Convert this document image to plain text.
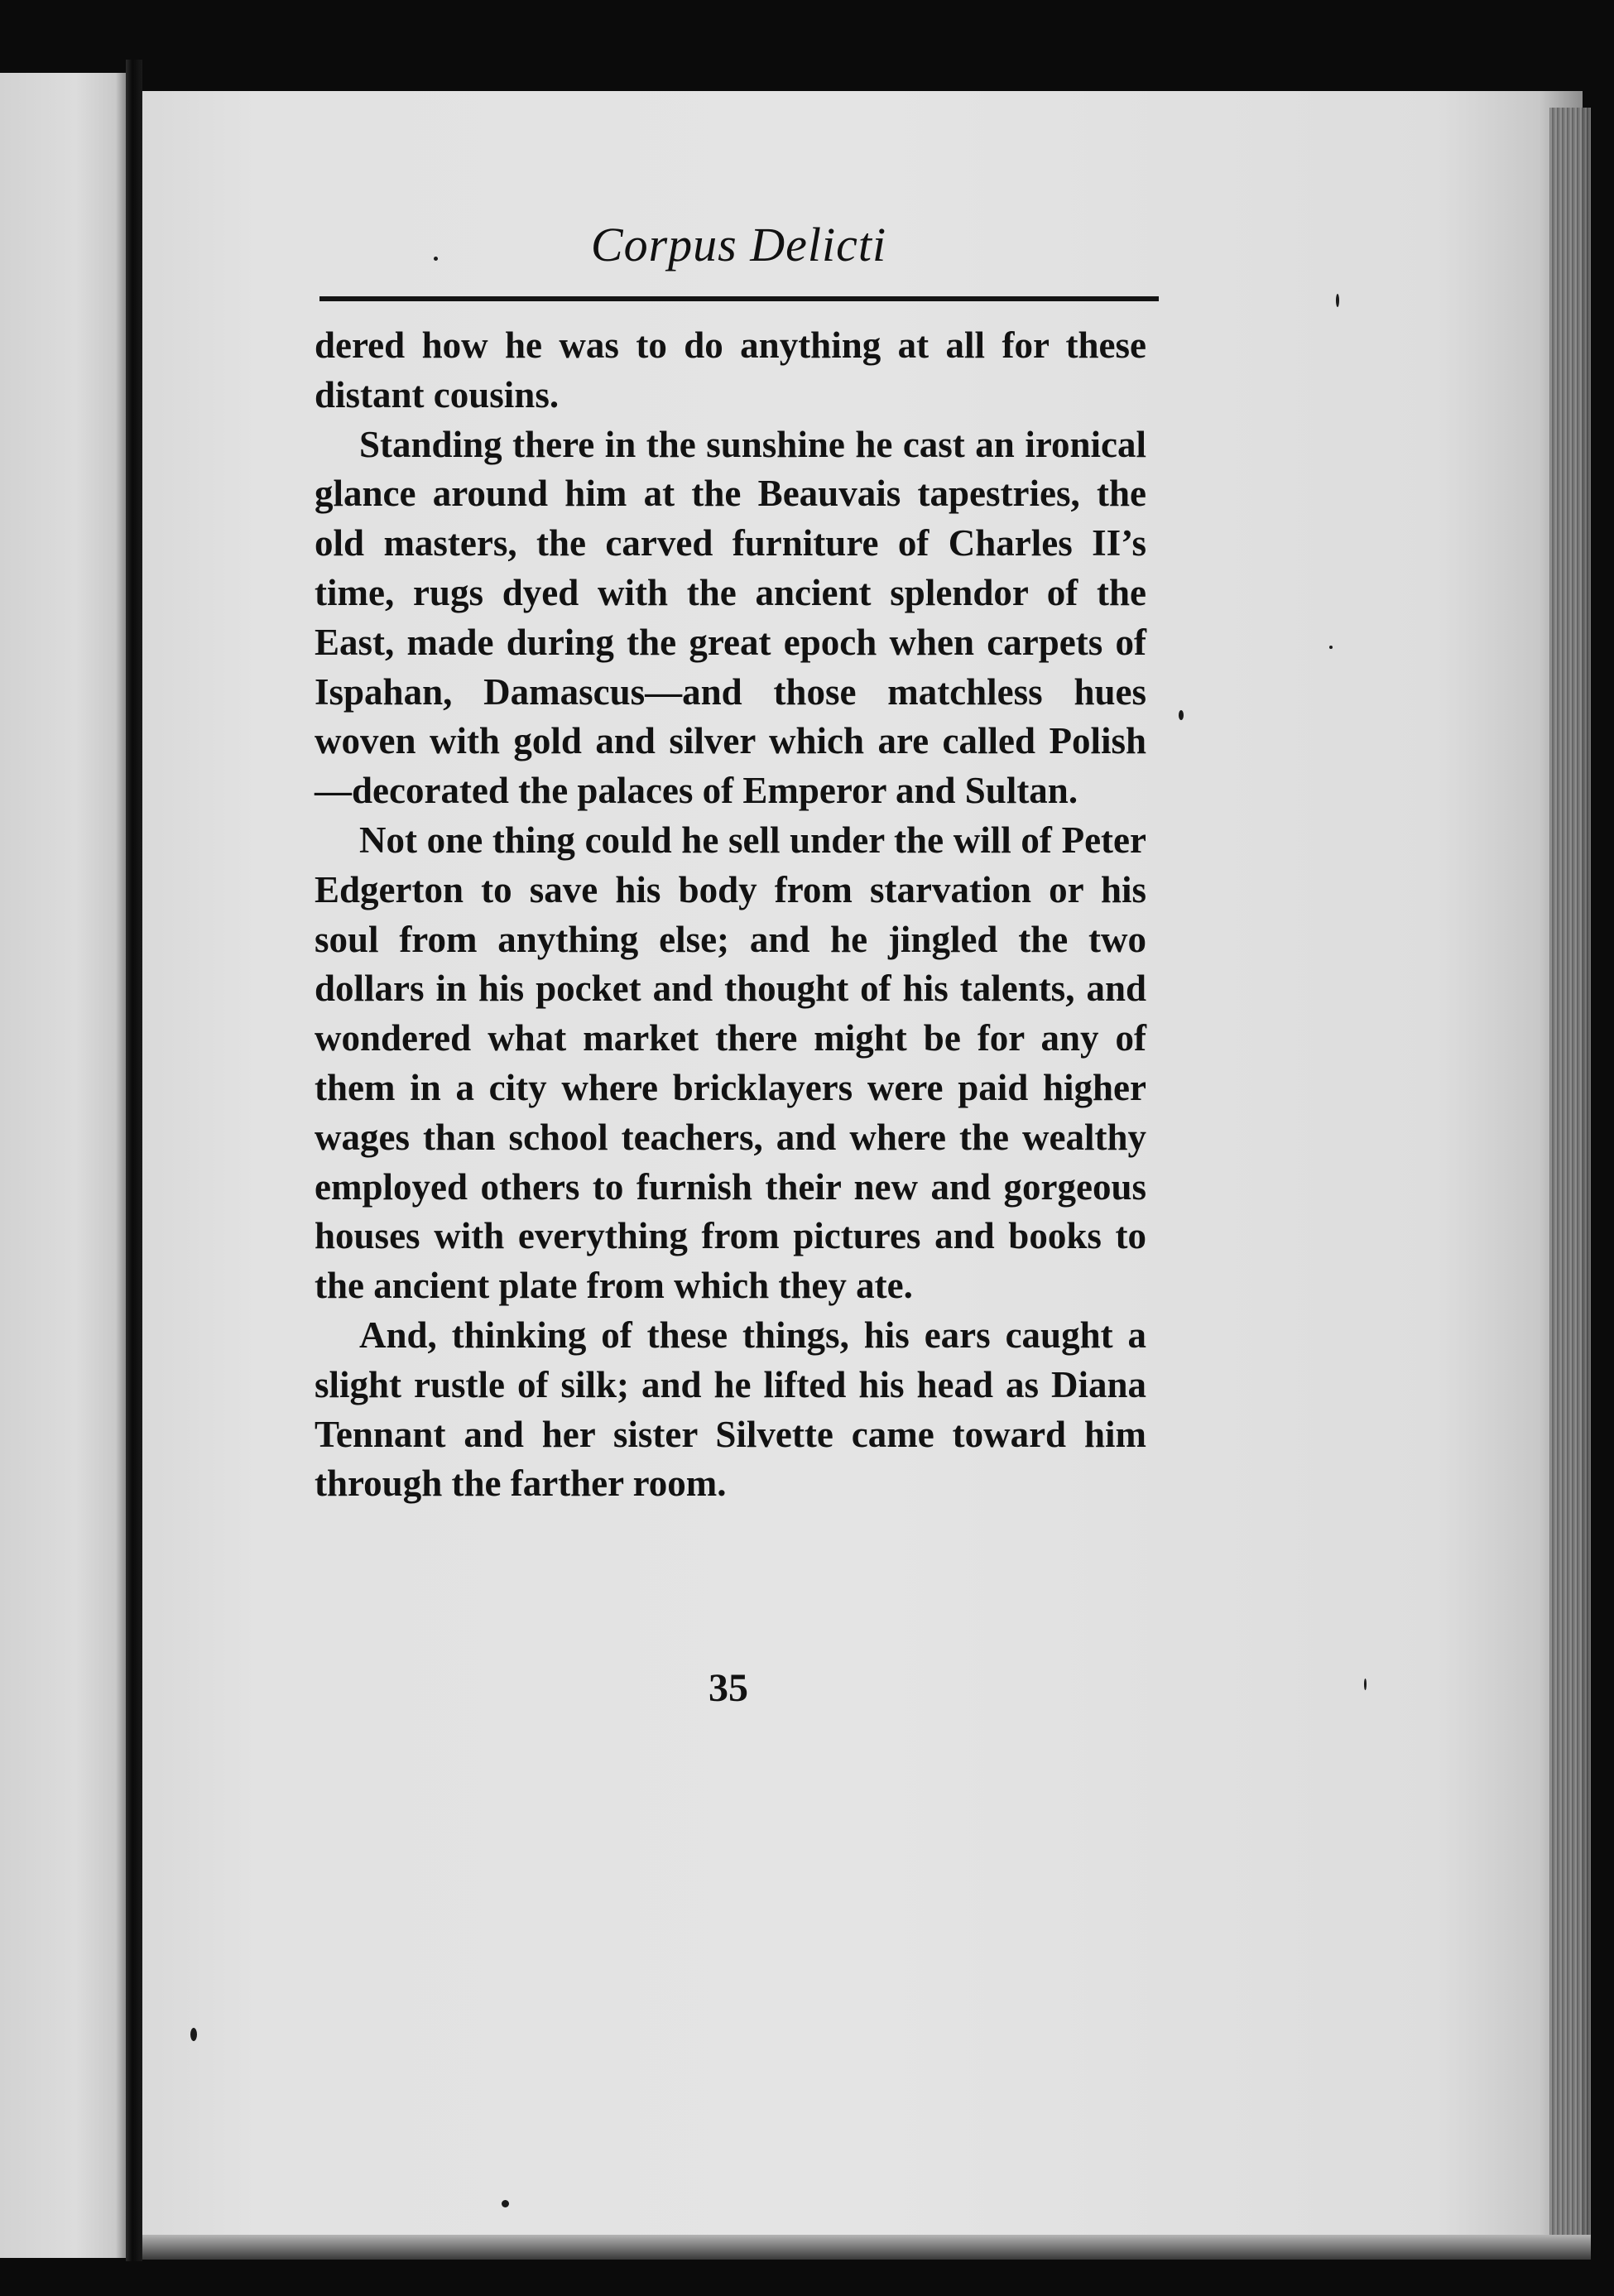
Corpus Delicti

dered how he was to do anything at all for these distant cousins.

Standing there in the sunshine he cast an ironical glance around him at the Beauvais tapestries, the old masters, the carved furniture of Charles II’s time, rugs dyed with the ancient splendor of the East, made during the great epoch when carpets of Ispahan, Damascus—and those matchless hues woven with gold and silver which are called Polish—decorated the palaces of Emperor and Sultan.

Not one thing could he sell under the will of Peter Edgerton to save his body from starvation or his soul from anything else; and he jingled the two dollars in his pocket and thought of his talents, and wondered what market there might be for any of them in a city where bricklayers were paid higher wages than school teachers, and where the wealthy employed others to furnish their new and gorgeous houses with everything from pictures and books to the ancient plate from which they ate.

And, thinking of these things, his ears caught a slight rustle of silk; and he lifted his head as Diana Tennant and her sister Silvette came toward him through the farther room.

35
